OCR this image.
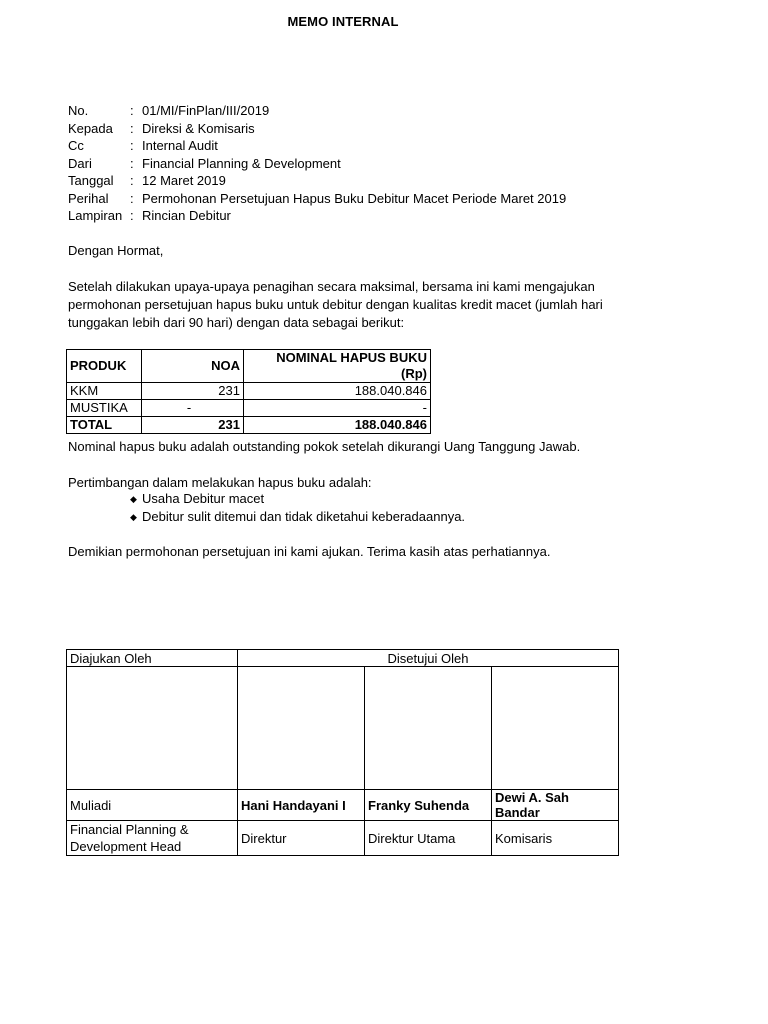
MEMO INTERNAL
No.	: 01/MI/FinPlan/III/2019
Kepada : Direksi & Komisaris
Cc	: Internal Audit
Dari	: Financial Planning & Development
Tanggal : 12 Maret 2019
Perihal : Permohonan Persetujuan Hapus Buku Debitur Macet Periode Maret 2019
Lampiran : Rincian Debitur
Dengan Hormat,
Setelah dilakukan upaya-upaya penagihan secara maksimal, bersama ini kami mengajukan permohonan persetujuan hapus buku untuk debitur dengan kualitas kredit macet (jumlah hari tunggakan lebih dari 90 hari) dengan data sebagai berikut:
PRODUK	NOA	NOMINAL HAPUS BUKU (Rp)
KKM	231	188.040.846
MUSTIKA	-	-
TOTAL	231	188.040.846
Nominal hapus buku adalah outstanding pokok setelah dikurangi Uang Tanggung Jawab.
Pertimbangan dalam melakukan hapus buku adalah:
◆ Usaha Debitur macet
◆ Debitur sulit ditemui dan tidak diketahui keberadaannya.
Demikian permohonan persetujuan ini kami ajukan. Terima kasih atas perhatiannya.
Diajukan Oleh	Disetujui Oleh		

Muliadi	Hani Handayani I	Franky Suhenda	Dewi A. Sah Bandar
Financial Planning & Development Head	Direktur	Direktur Utama	Komisaris
